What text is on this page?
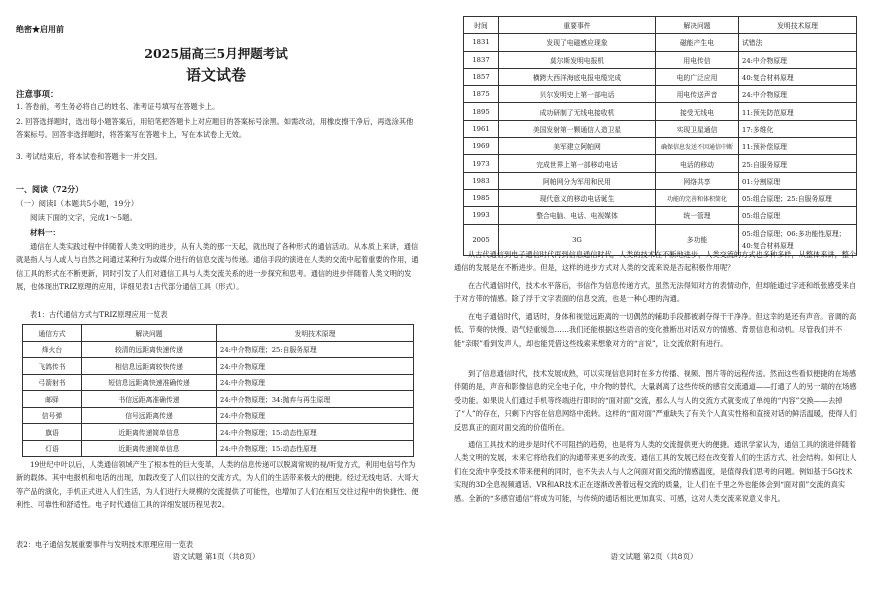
绝密★启用前
2025届高三5月押题考试
语文试卷
注意事项：

1. 答卷前，考生务必将自己的姓名、准考证号填写在答题卡上。

2. 回答选择题时，选出每小题答案后，用铅笔把答题卡上对应题目的答案标号涂黑。如需改动，用橡皮擦干净后，再选涂其他答案标号。回答非选择题时，将答案写在答题卡上，写在本试卷上无效。

3. 考试结束后，将本试卷和答题卡一并交回。

一、阅读（72分）
（一）阅读Ⅰ（本题共5小题，19分）
阅读下面的文字，完成1～5题。
材料一：

通信在人类实践过程中伴随着人类文明的进步，从有人类的那一天起，就出现了各种形式的通信活动。从本质上来讲，通信就是指人与人或人与自然之间通过某种行为或媒介进行的信息交流与传递。通信手段的演进在人类的交流中起着重要的作用，通信工具的形式在不断更新，同时引发了人们对通信工具与人类交流关系的进一步探究和思考。通信的进步伴随着人类文明的发展，也体现出TRIZ原理的应用，详细见表1古代部分通信工具（形式）。

表1：古代通信方式与TRIZ原理应用一览表
通信方式	解决问题	发明技术原理
烽火台	较清的远距离快速传递	24:中介物原理；25:自服务原理
飞鸽传书	相信息远距离较快传递	24:中介物原理
弓箭射书	短信息远距离快速准确传递	24:中介物原理
邮驿	书信远距离准确传递	24:中介物原理；34:抛弃与再生原理
信号弹	信号远距离传递	24:中介物原理
旗语	近距离传递简单信息	24:中介物原理；15:动态性原理
灯语	近距离传递简单信息	24:中介物原理；15:动态性原理

19世纪中叶以后，人类通信领域产生了根本性的巨大变革，人类的信息传递可以脱离常规的视/听觉方式，利用电信号作为新的载体。其中电报机和电话的出现，加载改变了人们以往的交流方式，为人们的生活带来极大的便捷。经过无线电话、大哥大等产品的演化，手机正式进入人们生活，为人们进行大规模的交流提供了可能性，也增加了人们在相互交往过程中的快捷性、便利性、可靠性和舒适性。电子时代通信工具的详细发展历程见表2。

表2：电子通信发展重要事件与发明技术原理应用一览表
语文试题 第1页（共8页）
时间	重要事件	解决问题	发明技术原理
1831	发现了电磁感应现象	磁能产生电	试错法
1837	莫尔斯发明电报机	用电传信	24:中介物原理
1857	横跨大西洋海底电报电缆完成	电的广泛应用	40:复合材料原理
1875	贝尔发明史上第一部电话	用电传送声音	24:中介物原理
1895	成功研制了无线电接收机	接受无线电	11:预先防范原理
1961	美国发射第一颗通信人造卫星	实现卫星通信	17:多维化
1969	美军建立阿帕网	确保信息发送不因通信中断	11:预补偿原理
1973	完成世界上第一部移动电话	电话的移动	25:自服务原理
1983	阿帕网分为军用和民用	网络共享	01:分割原理
1985	现代意义的移动电话诞生	功能的完善和体积简化	05:组合原理；25:自服务原理
1993	整合电脑、电话、电视媒体	统一管理	05:组合原理
2005	3G	多功能	05:组合原理；06:多功能性原理；40:复合材料原理

从古代通信到电子通信时代再到信息通信时代，人类的技术在不断地进步，人类交流的方式也多种多样，从整体来讲，整个通信的发展是在不断进步。但是，这样的进步方式对人类的交流来说是否起积极作用呢？

在古代通信时代，技术水平落后，书信作为信息传递方式，虽然无法得知对方的表情动作，但却能通过字迹和纸张感受来自于对方带的情感。除了浮于文字表面的信息交流，也是一种心理的沟通。

在电子通信时代，通话时，身体和视觉远距离的一切偶然的辅助手段都被剥夺得干干净净。但这幸的是还有声音。音调的高低、节奏的快慢、语气轻重缓急……我们还能根据这些语音的变化推断出对话双方的情感、背景信息和动机。尽管我们并不能“亲眼”看到发声人，却也能凭借这些线索来想象对方的“言说”，让交流依附有进行。

到了信息通信时代，技术发展成熟，可以实现信息同时在多方传播、视频、图片等的远程传送。然而这些看似便捷的在场感伴随的是，声音和影像信息的完全电子化，中介物的替代，大量剥离了这些传统的感官交流通道——打通了人的另一端的在场感受功能。如果说人们通过手机等终端进行即时的“面对面”交流，那么人与人的交流方式就变成了单纯的“内容”交换——去掉了“人”的存在，只剩下内容在信息网络中流转。这样的“面对面”严重缺失了有关个人真实性格和直接对话的鲜活温暖，使得人们反思真正的面对面交流的价值所在。

通信工具技术的进步是时代不可阻挡的趋势，也是将为人类的交流提供更大的便捷。通讯学家认为，通信工具的演进伴随着人类文明的发展，未来它将给我们的沟通带来更多的改变。通信工具的发展已经在改变着人们的生活方式、社会结构。如何让人们在交流中享受技术带来便利的同时，也不失去人与人之间面对面交流的情感温度，是值得我们思考的问题。例如基于5G技术实现的3D全息视频通话、VR和AR技术正在逐渐改善着远程交流的质量，让人们在千里之外也能体会到“面对面”交流的真实感。全新的“多感官通信”将成为可能，与传统的通话相比更加真实、可感，这对人类交流来说意义非凡。

语文试题 第2页（共8页）
